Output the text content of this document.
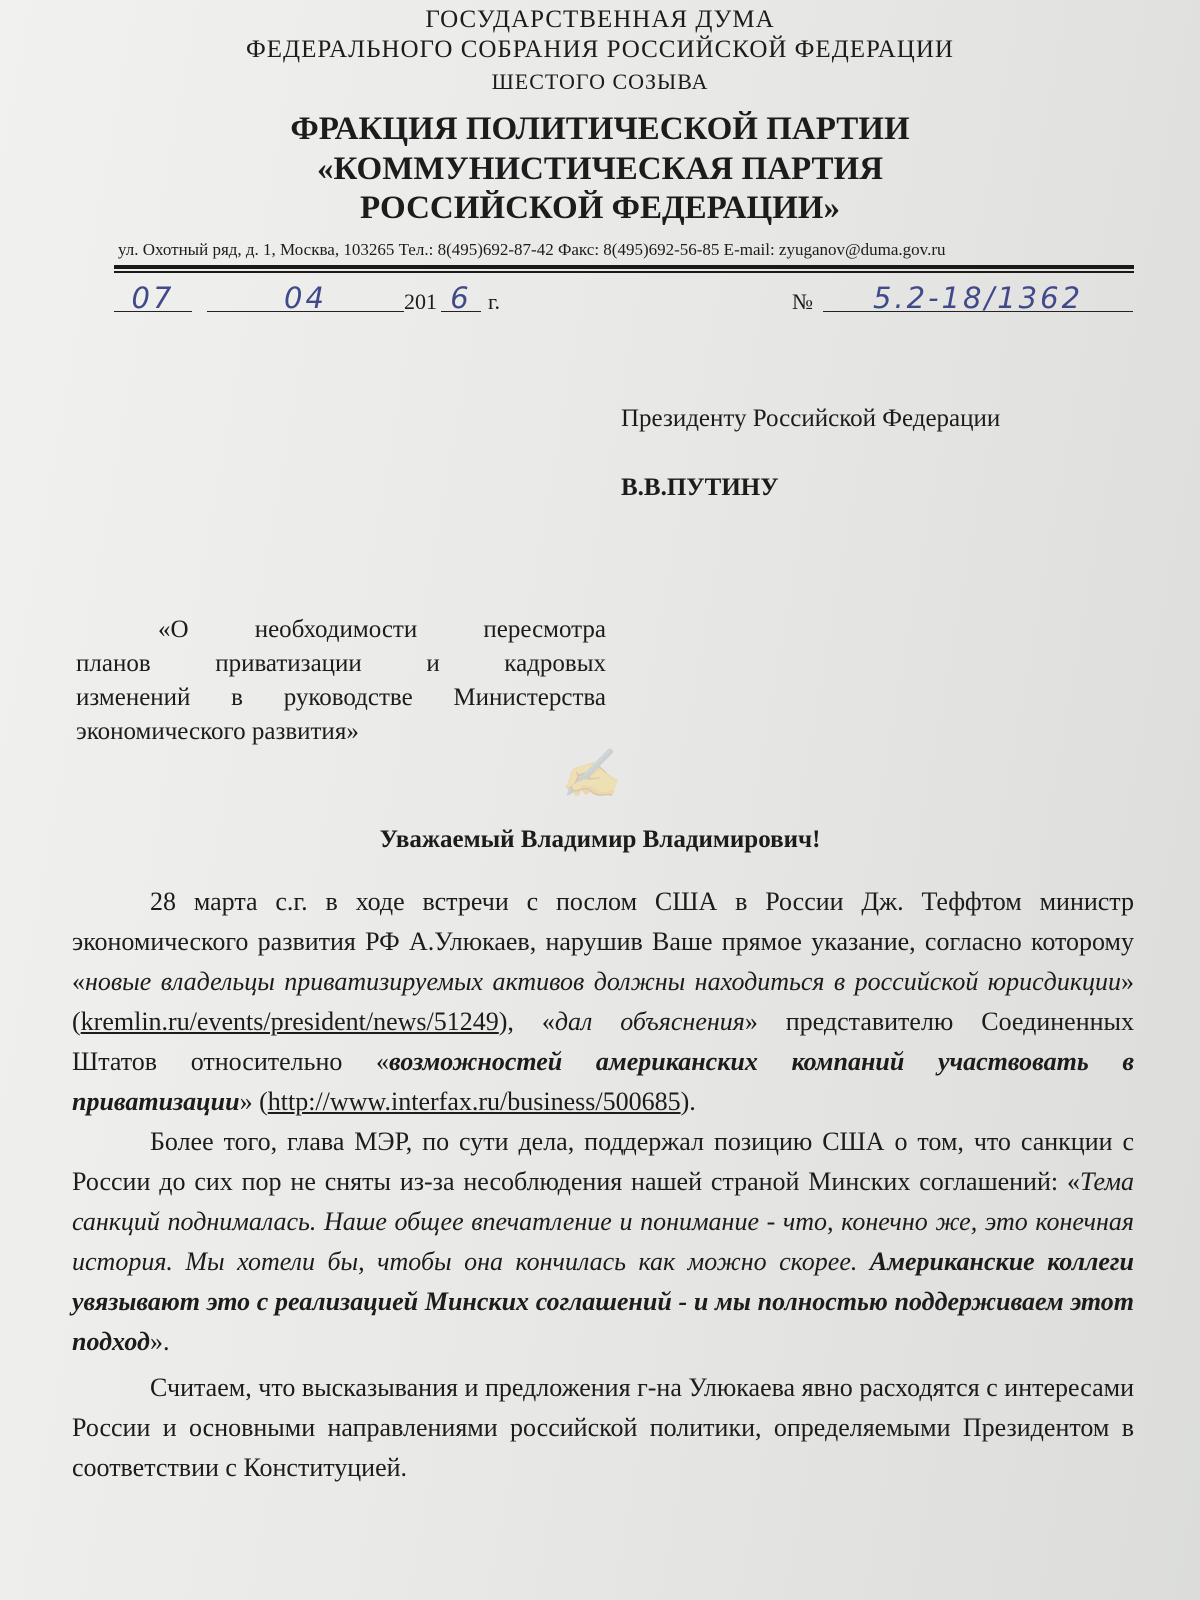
✍
ГОСУДАРСТВЕННАЯ ДУМА
ФЕДЕРАЛЬНОГО СОБРАНИЯ РОССИЙСКОЙ ФЕДЕРАЦИИ
ШЕСТОГО СОЗЫВА
ФРАКЦИЯ ПОЛИТИЧЕСКОЙ ПАРТИИ
«КОММУНИСТИЧЕСКАЯ ПАРТИЯ
РОССИЙСКОЙ ФЕДЕРАЦИИ»
ул. Охотный ряд, д. 1, Москва, 103265 Тел.: 8(495)692-87-42 Факс: 8(495)692-56-85 E-mail: zyuganov@duma.gov.ru
07	04	201 6 г.	№	5.2-18/1362
Президенту Российской Федерации
В.В.ПУТИНУ
«О необходимости пересмотра
планов приватизации и кадровых
изменений в руководстве Министерства
экономического развития»
Уважаемый Владимир Владимирович!

28 марта с.г. в ходе встречи с послом США в России Дж. Теффтом министр экономического развития РФ А.Улюкаев, нарушив Ваше прямое указание, согласно которому «новые владельцы приватизируемых активов должны находиться в российской юрисдикции» (kremlin.ru/events/president/news/51249), «дал объяснения» представителю Соединенных Штатов относительно «возможностей американских компаний участвовать в приватизации» (http://www.interfax.ru/business/500685).

Более того, глава МЭР, по сути дела, поддержал позицию США о том, что санкции с России до сих пор не сняты из-за несоблюдения нашей страной Минских соглашений: «Тема санкций поднималась. Наше общее впечатление и понимание - что, конечно же, это конечная история. Мы хотели бы, чтобы она кончилась как можно скорее. Американские коллеги увязывают это с реализацией Минских соглашений - и мы полностью поддерживаем этот подход».

Считаем, что высказывания и предложения г-на Улюкаева явно расходятся с интересами России и основными направлениями российской политики, определяемыми Президентом в соответствии с Конституцией.
